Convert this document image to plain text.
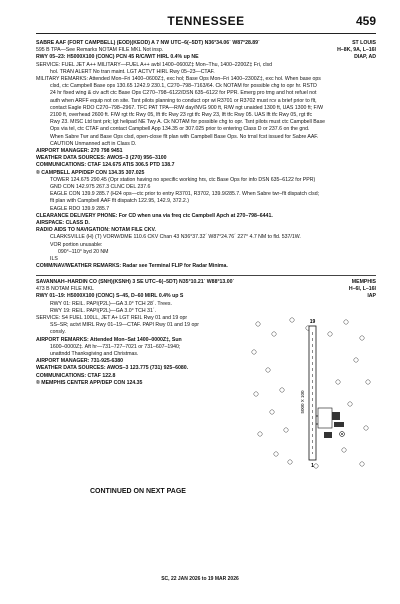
TENNESSEE	459
ST LOUIS
H–8K, 9A, L–16I
DIAP, AD

SABRE AAF (FORT CAMPBELL) (EOD)(KEOD) A 7 NW UTC–6(–5DT) N36°34.06´ W87°28.89´

595 B TPA—See Remarks NOTAM FILE MKL Not insp.

RWY 05–23: H5000X100 (CONC) PCN 45 R/C/W/T HIRL 0.4% up NE

SERVICE: FUEL JET A++ MILITARY—FUEL A++ avbl 1400–0600Z‡ Mon–Thu, 1400–2200Z‡ Fri, clsd

hol. TRAN ALERT No tran maint. LGT ACTVT HIRL Rwy 05–23—CTAF.

MILITARY REMARKS: Attended Mon–Fri 1400–0600Z‡, exc hol; Base Ops Mon–Fri 1400–2300Z‡, exc hol. When base ops

clsd, ctc Campbell Base ops 130.65 1242.9 230.1, C270–798–7163/64. Ck NOTAM for possible chg to opr hr. RSTD

24 hr fixed wing & civ acft ctc Base Ops C270–798–6122/DSN 635–6122 for PPR. Emerg pro tmg and hot refuel not

auth when ARFF equip not on site. Tsnt pilots planning to conduct opr wi R3701 or R3702 must rcv a brief prior to flt,

contact Eagle RDO C270–798–2967. TFC PAT TPA—R/W day/NVG 900 ft, R/W ngt unaided 1300 ft, UAS 1300 ft; F/W

2100 ft, overhead 2600 ft. F/W rgt tfc Rwy 05, lft tfc Rwy 23 rgt tfc Rwy 23, lft tfc Rwy 05. UAS lft tfc Rwy 05, rgt tfc

Rwy 23. MISC Ltd tsnt prk; lgt helipad NE Twy A. Ck NOTAM for possible chg to opr. Tsnt pilots must ctc Campbell Base

Ops via tel, ctc CTAF and contact Campbell App 134.35 or 307.025 prior to entering Class D or 237.6 on the gnd.

When Sabre Twr and Base Ops clsd, open-close flt plan with Campbell Base Ops. No trnsl fcst issued for Sabre AAF.

CAUTION Unmanned acft in Class D.

AIRPORT MANAGER: 270 798 9451

WEATHER DATA SOURCES: AWOS–3 (270) 956–3100

COMMUNICATIONS: CTAF 124.675 ATIS 306.5 PTD 138.7

® CAMPBELL APP/DEP CON 134.35 307.025

TOWER 124.675 290.45 (Opr station having no specific working hrs, ctc Base Ops for info DSN 635–6122 for PPR)

GND CON 142.975 267.3 CLNC DEL 237.6

EAGLE CON 139.9 285.7 (H24 ops—ctc prior to entry R3701, R3702, 139.9/285.7. When Sabre twr–flt dispatch clsd;

flt plan with Campbell AAF flt dispatch 122.95, 142.9, 372.2.)

EAGLE RDO 139.9 285.7

CLEARANCE DELIVERY PHONE: For CD when una via freq ctc Campbell Apch at 270–798–6441.

AIRSPACE: CLASS D.

RADIO AIDS TO NAVIGATION: NOTAM FILE CKV.

CLARKSVILLE (H) (T) VORW/DME 110.6 CKV Chan 43 N36°37.32´ W87°24.76´ 227° 4.7 NM to fld. 537/1W.

VOR portion unusable:

090°–110° byd 20 NM

ILS

COMM/NAV/WEATHER REMARKS: Radar see Terminal FLIP for Radar Minima.

MEMPHIS
H–6I, L–16I
IAP

SAVANNAH–HARDIN CO (SNH)(KSNH) 3 SE UTC–6(–5DT) N35°10.21´ W88°13.00´

473 B NOTAM FILE MKL

RWY 01–19: H5000X100 (CONC) S–45, D–60 MIRL 0.4% up S

RWY 01: REIL. PAPI(P2L)—GA 3.0° TCH 28´. Trees.

RWY 19: REIL. PAPI(P2L)—GA 3.0° TCH 31´.

SERVICE: S4 FUEL 100LL, JET A+ LGT REIL Rwy 01 and 19 opr

SS–SR; actvt MIRL Rwy 01–19—CTAF. PAPI Rwy 01 and 19 opr

consly.

AIRPORT REMARKS: Attended Mon–Sat 1400–0000Z‡, Sun

1600–0000Z‡. Aft hr—731–727–7021 or 731–607–1940;

unattndd Thanksgiving and Christmas.

AIRPORT MANAGER: 731-925-6380

WEATHER DATA SOURCES: AWOS–3 123.775 (731) 925–6080.

COMMUNICATIONS: CTAF 122.8

® MEMPHIS CENTER APP/DEP CON 124.35

19
1
5000 X 100
CONTINUED ON NEXT PAGE
SC, 22 JAN 2026 to 19 MAR 2026
